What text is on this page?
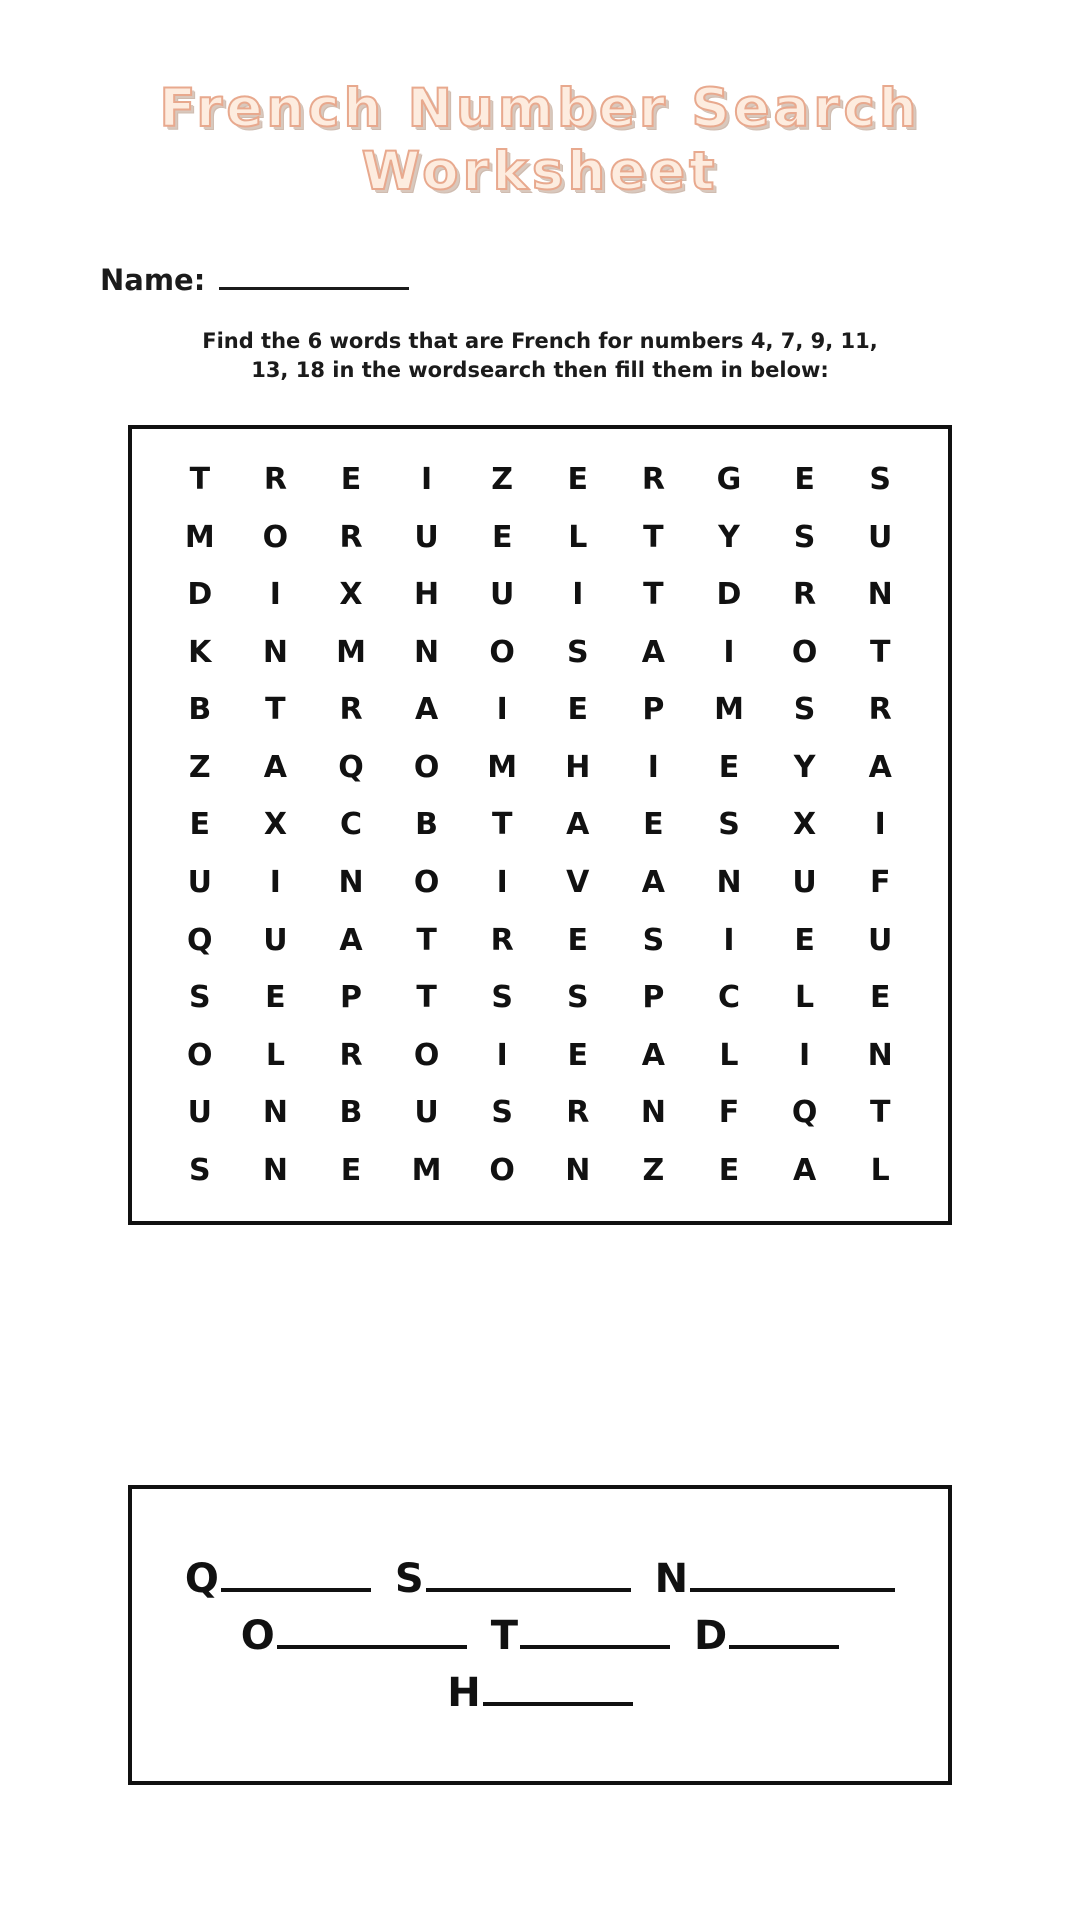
French Number Search
Worksheet
Name:
Find the 6 words that are French for numbers 4, 7, 9, 11, 13, 18 in the wordsearch then fill them in below:
T	R	E	I	Z	E	R	G	E	S
M	O	R	U	E	L	T	Y	S	U
D	I	X	H	U	I	T	D	R	N
K	N	M	N	O	S	A	I	O	T
B	T	R	A	I	E	P	M	S	R
Z	A	Q	O	M	H	I	E	Y	A
E	X	C	B	T	A	E	S	X	I
U	I	N	O	I	V	A	N	U	F
Q	U	A	T	R	E	S	I	E	U
S	E	P	T	S	S	P	C	L	E
O	L	R	O	I	E	A	L	I	N
U	N	B	U	S	R	N	F	Q	T
S	N	E	M	O	N	Z	E	A	L
Q	S	N
O	T	D
H
